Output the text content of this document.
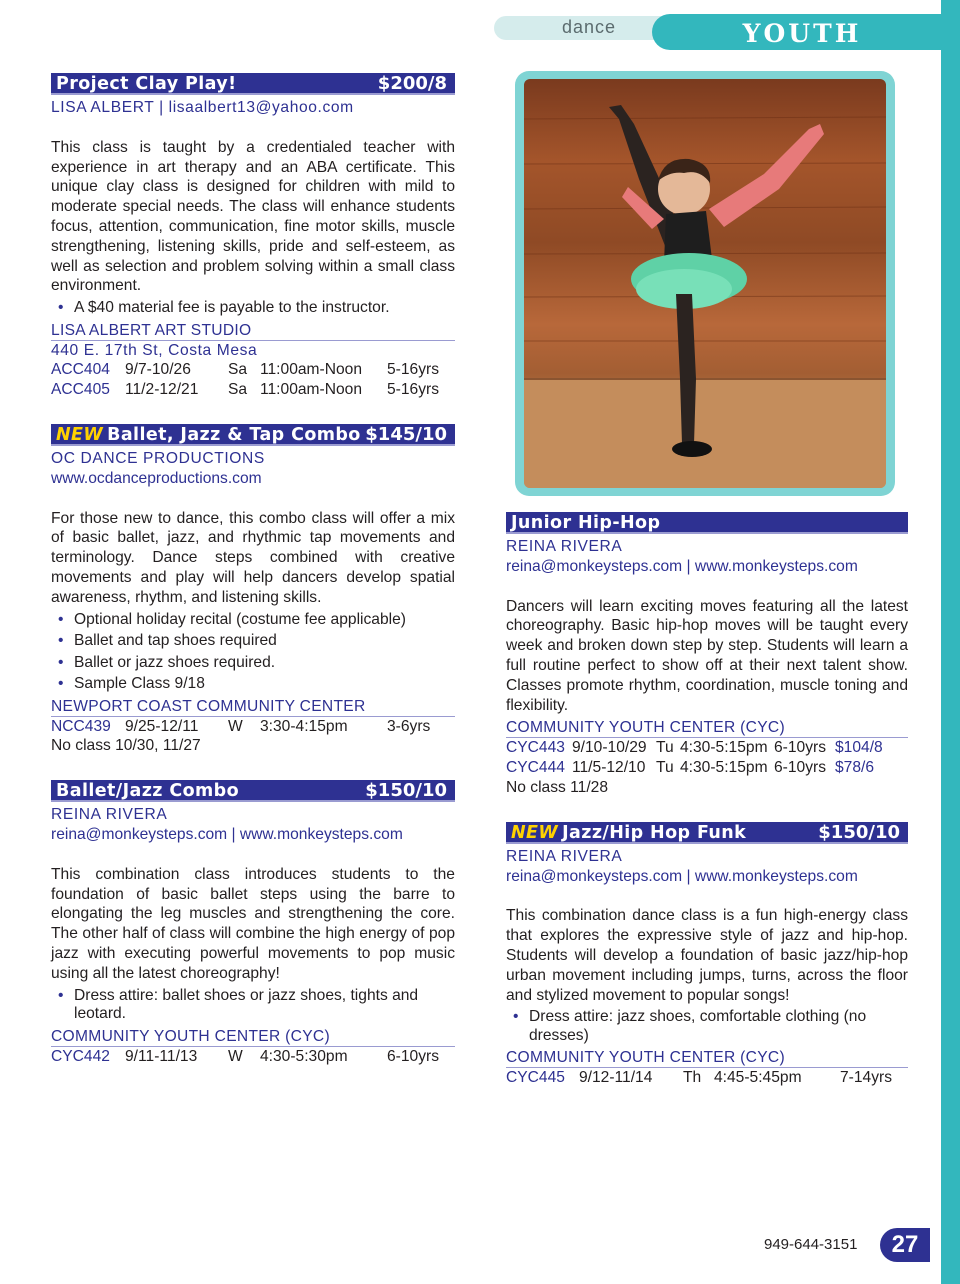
dance	YOUTH
Project Clay Play!	$200/8
LISA ALBERT | lisaalbert13@yahoo.com

This class is taught by a credentialed teacher with experience in art therapy and an ABA certificate. This unique clay class is designed for children with mild to moderate special needs. The class will enhance students focus, attention, communication, fine motor skills, muscle strengthening, listening skills, pride and self-esteem, as well as selection and problem solving within a small class environment.

• A $40 material fee is payable to the instructor.
LISA ALBERT ART STUDIO
440 E. 17th St, Costa Mesa
ACC404 9/7-10/26 Sa 11:00am-Noon 5-16yrs
ACC405 11/2-12/21 Sa 11:00am-Noon 5-16yrs
NEW Ballet, Jazz & Tap Combo $145/10
OC DANCE PRODUCTIONS
www.ocdanceproductions.com

For those new to dance, this combo class will offer a mix of basic ballet, jazz, and rhythmic tap movements and terminology. Dance steps combined with creative movements and play will help dancers develop spatial awareness, rhythm, and listening skills.

• Optional holiday recital (costume fee applicable)
• Ballet and tap shoes required
• Ballet or jazz shoes required.
• Sample Class 9/18
NEWPORT COAST COMMUNITY CENTER
NCC439 9/25-12/11 W 3:30-4:15pm	3-6yrs
No class 10/30, 11/27
Ballet/Jazz Combo	$150/10
REINA RIVERA
reina@monkeysteps.com | www.monkeysteps.com

This combination class introduces students to the foundation of basic ballet steps using the barre to elongating the leg muscles and strengthening the core. The other half of class will combine the high energy of pop jazz with executing powerful movements to pop music using all the latest choreography!

• Dress attire: ballet shoes or jazz shoes, tights and leotard.
COMMUNITY YOUTH CENTER (CYC)
CYC442 9/11-11/13 W 4:30-5:30pm	6-10yrs
Junior Hip-Hop
REINA RIVERA
reina@monkeysteps.com | www.monkeysteps.com

Dancers will learn exciting moves featuring all the latest choreography. Basic hip-hop moves will be taught every week and broken down step by step. Students will learn a full routine perfect to show off at their next talent show. Classes promote rhythm, coordination, muscle toning and flexibility.

COMMUNITY YOUTH CENTER (CYC)
CYC443 9/10-10/29 Tu 4:30-5:15pm 6-10yrs $104/8
CYC444 11/5-12/10 Tu 4:30-5:15pm 6-10yrs $78/6
No class 11/28
NEW Jazz/Hip Hop Funk	$150/10
REINA RIVERA
reina@monkeysteps.com | www.monkeysteps.com

This combination dance class is a fun high-energy class that explores the expressive style of jazz and hip-hop. Students will develop a foundation of basic jazz/hip-hop urban movement including jumps, turns, across the floor and stylized movement to popular songs!

• Dress attire: jazz shoes, comfortable clothing (no dresses)
COMMUNITY YOUTH CENTER (CYC)
CYC445 9/12-11/14 Th 4:45-5:45pm 7-14yrs
949-644-3151	27
